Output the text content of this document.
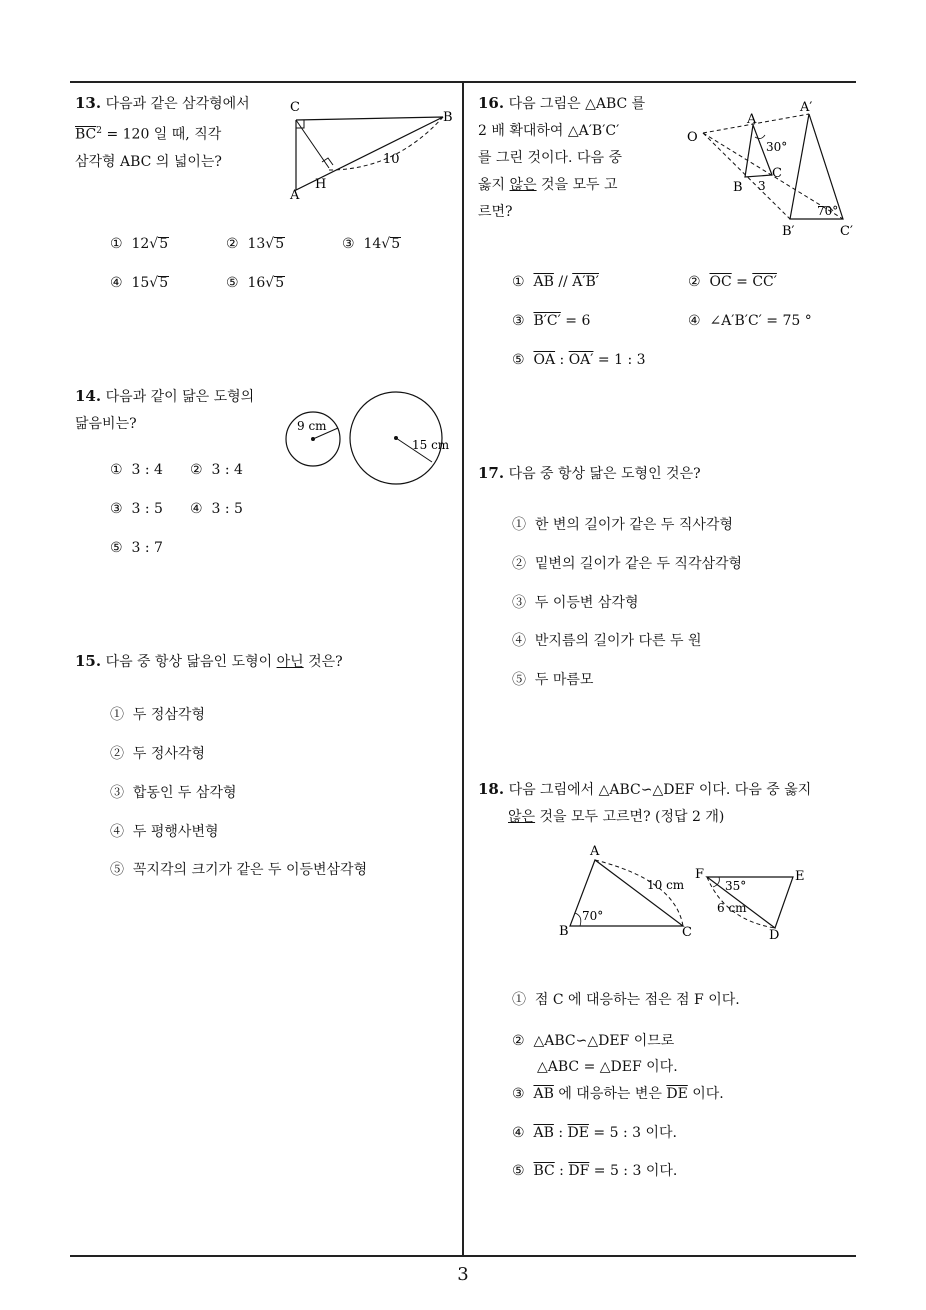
3
13. 다음과 같은 삼각형에서
$\overline{BC}^2 = 120$ 일 때, 직각
삼각형 ABC 의 넓이는?
C
B
A
H
10
① 12√5	② 13√5	③ 14√5
④ 15√5	⑤ 16√5
14. 다음과 같이 닮은 도형의
닮음비는?	9 cm
15 cm
① 3 : 4 ② 3 : 4
③ 3 : 5 ④ 3 : 5
⑤ 3 : 7
15. 다음 중 항상 닮음인 도형이 아닌 것은?
① 두 정삼각형
② 두 정사각형
③ 합동인 두 삼각형
④ 두 평행사변형
⑤ 꼭지각의 크기가 같은 두 이등변삼각형
16. 다음 그림은 △ABC 를
2 배 확대하여 △A′B′C′
를 그린 것이다. 다음 중
옳지 않은 것을 모두 고
르면?
O
A
B
C
A′
B′	C′
30°
3
70°
① $\overline{AB} // A'B'$	② $\overline{OC} = CC'$
③ B′C′ = 6	④ ∠A′B′C′ = 75 °
⑤ $\overline{OA}$ : OA′ = 1 : 3
17. 다음 중 항상 닮은 도형인 것은?
① 한 변의 길이가 같은 두 직사각형
② 밑변의 길이가 같은 두 직각삼각형
③ 두 이등변 삼각형
④ 반지름의 길이가 다른 두 원
⑤ 두 마름모
18. 다음 그림에서 △ABC∽△DEF 이다. 다음 중 옳지
않은 것을 모두 고르면? (정답 2 개)
A
B	C
F	E
D
10 cm
6 cm
70°
35°
① 점 C 에 대응하는 점은 점 F 이다.
② △ABC∽△DEF 이므로
△ABC = △DEF 이다.
③ $\overline{AB}$ 에 대응하는 변은 $\overline{DE}$ 이다.
④ $\overline{AB}$ : $\overline{DE} = 5$ : 3 이다.
⑤ $\overline{BC}$ : $\overline{DF} = 5$ : 3 이다.
